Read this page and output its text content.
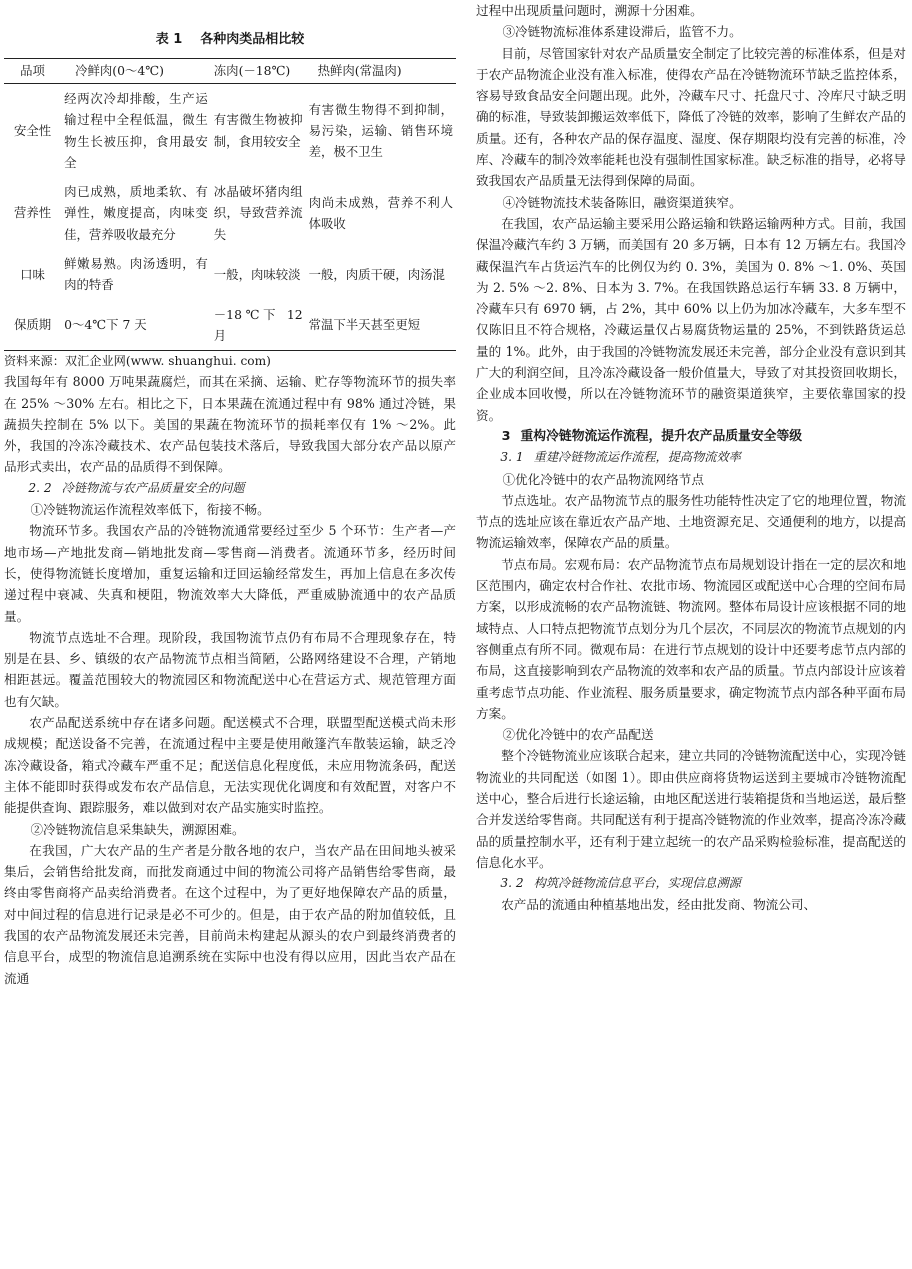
表 1 各种肉类品相比较
品项	冷鲜肉(0～4℃)	冻肉(－18℃)	热鲜肉(常温肉)
安全性	经两次冷却排酸，生产运输过程中全程低温，微生物生长被压抑，食用最安全	有害微生物被抑制，食用较安全	有害微生物得不到抑制，易污染，运输、销售环境差，极不卫生
营养性	肉已成熟，质地柔软、有弹性，嫩度提高，肉味变佳，营养吸收最充分	冰晶破坏猪肉组织，导致营养流失	肉尚未成熟，营养不利人体吸收
口味	鲜嫩易熟。肉汤透明，有肉的特香	一般，肉味较淡	一般，肉质干硬，肉汤混
保质期	0～4℃下 7 天	－18℃下 12 月	常温下半天甚至更短

资料来源：双汇企业网(www. shuanghui. com)

我国每年有 8000 万吨果蔬腐烂，而其在采摘、运输、贮存等物流环节的损失率在 25% ～30% 左右。相比之下，日本果蔬在流通过程中有 98% 通过冷链，果蔬损失控制在 5% 以下。美国的果蔬在物流环节的损耗率仅有 1% ～2%。此外，我国的冷冻冷藏技术、农产品包装技术落后，导致我国大部分农产品以原产品形式卖出，农产品的品质得不到保障。

2. 2 冷链物流与农产品质量安全的问题

①冷链物流运作流程效率低下，衔接不畅。

物流环节多。我国农产品的冷链物流通常要经过至少 5 个环节：生产者—产地市场—产地批发商—销地批发商—零售商—消费者。流通环节多，经历时间长，使得物流链长度增加，重复运输和迂回运输经常发生，再加上信息在多次传递过程中衰减、失真和梗阻，物流效率大大降低，严重威胁流通中的农产品质量。

物流节点选址不合理。现阶段，我国物流节点仍有布局不合理现象存在，特别是在县、乡、镇级的农产品物流节点相当简陋，公路网络建设不合理，产销地相距甚远。覆盖范围较大的物流园区和物流配送中心在营运方式、规范管理方面也有欠缺。

农产品配送系统中存在诸多问题。配送模式不合理，联盟型配送模式尚未形成规模；配送设备不完善，在流通过程中主要是使用敞篷汽车散装运输，缺乏冷冻冷藏设备，箱式冷藏车严重不足；配送信息化程度低，未应用物流条码，配送主体不能即时获得或发布农产品信息，无法实现优化调度和有效配置，对客户不能提供查询、跟踪服务，难以做到对农产品实施实时监控。

②冷链物流信息采集缺失，溯源困难。

在我国，广大农产品的生产者是分散各地的农户，当农产品在田间地头被采集后，会销售给批发商，而批发商通过中间的物流公司将产品销售给零售商，最终由零售商将产品卖给消费者。在这个过程中，为了更好地保障农产品的质量，对中间过程的信息进行记录是必不可少的。但是，由于农产品的附加值较低，且我国的农产品物流发展还未完善，目前尚未构建起从源头的农户到最终消费者的信息平台，成型的物流信息追溯系统在实际中也没有得以应用，因此当农产品在流通

过程中出现质量问题时，溯源十分困难。

③冷链物流标准体系建设滞后，监管不力。

目前，尽管国家针对农产品质量安全制定了比较完善的标准体系，但是对于农产品物流企业没有准入标准，使得农产品在冷链物流环节缺乏监控体系，容易导致食品安全问题出现。此外，冷藏车尺寸、托盘尺寸、冷库尺寸缺乏明确的标准，导致装卸搬运效率低下，降低了冷链的效率，影响了生鲜农产品的质量。还有，各种农产品的保存温度、湿度、保存期限均没有完善的标准，冷库、冷藏车的制冷效率能耗也没有强制性国家标准。缺乏标准的指导，必将导致我国农产品质量无法得到保障的局面。

④冷链物流技术装备陈旧，融资渠道狭窄。

在我国，农产品运输主要采用公路运输和铁路运输两种方式。目前，我国保温冷藏汽车约 3 万辆，而美国有 20 多万辆，日本有 12 万辆左右。我国冷藏保温汽车占货运汽车的比例仅为约 0. 3%，美国为 0. 8% ～1. 0%、英国为 2. 5% ～2. 8%、日本为 3. 7%。在我国铁路总运行车辆 33. 8 万辆中，冷藏车只有 6970 辆，占 2%，其中 60% 以上仍为加冰冷藏车，大多车型不仅陈旧且不符合规格，冷藏运量仅占易腐货物运量的 25%，不到铁路货运总量的 1%。此外，由于我国的冷链物流发展还未完善，部分企业没有意识到其广大的利润空间，且冷冻冷藏设备一般价值量大，导致了对其投资回收期长，企业成本回收慢，所以在冷链物流环节的融资渠道狭窄，主要依靠国家的投资。

3 重构冷链物流运作流程，提升农产品质量安全等级

3. 1 重建冷链物流运作流程，提高物流效率

①优化冷链中的农产品物流网络节点

节点选址。农产品物流节点的服务性功能特性决定了它的地理位置，物流节点的选址应该在靠近农产品产地、土地资源充足、交通便利的地方，以提高物流运输效率，保障农产品的质量。

节点布局。宏观布局：农产品物流节点布局规划设计指在一定的层次和地区范围内，确定农村合作社、农批市场、物流园区或配送中心合理的空间布局方案，以形成流畅的农产品物流链、物流网。整体布局设计应该根据不同的地域特点、人口特点把物流节点划分为几个层次，不同层次的物流节点规划的内容侧重点有所不同。微观布局：在进行节点规划的设计中还要考虑节点内部的布局，这直接影响到农产品物流的效率和农产品的质量。节点内部设计应该着重考虑节点功能、作业流程、服务质量要求，确定物流节点内部各种平面布局方案。

②优化冷链中的农产品配送

整个冷链物流业应该联合起来，建立共同的冷链物流配送中心，实现冷链物流业的共同配送（如图 1）。即由供应商将货物运送到主要城市冷链物流配送中心，整合后进行长途运输，由地区配送进行装箱提货和当地运送，最后整合并发送给零售商。共同配送有利于提高冷链物流的作业效率，提高冷冻冷藏品的质量控制水平，还有利于建立起统一的农产品采购检验标准，提高配送的信息化水平。

3. 2 构筑冷链物流信息平台，实现信息溯源

农产品的流通由种植基地出发，经由批发商、物流公司、
